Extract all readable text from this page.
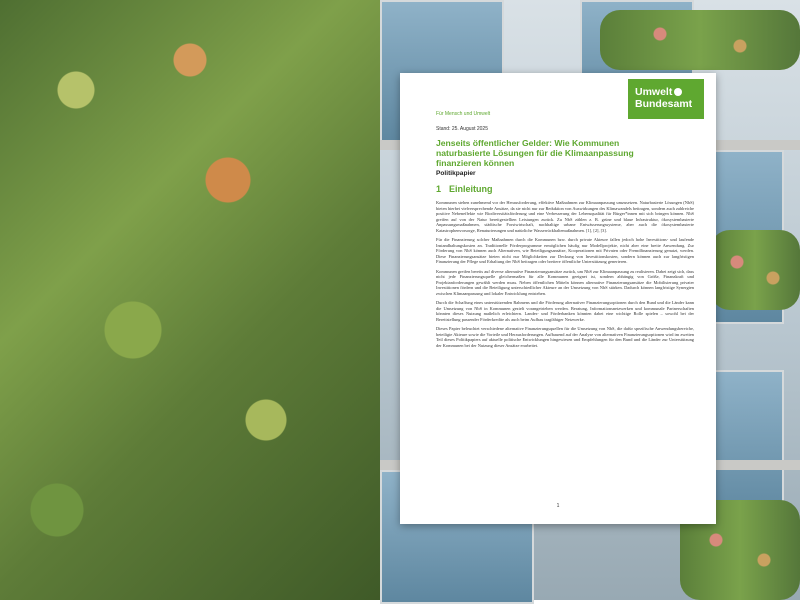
Umwelt
Bundesamt
Für Mensch und Umwelt
Stand: 25. August 2025
Jenseits öffentlicher Gelder: Wie Kommunen naturbasierte Lösungen für die Klimaanpassung finanzieren können
Politikpapier
1 Einleitung

Kommunen stehen zunehmend vor der Herausforderung, effektive Maßnahmen zur Klimaanpassung umzusetzen. Naturbasierte Lösungen (NbS) bieten hierbei vielversprechende Ansätze, da sie nicht nur zur Reduktion von Auswirkungen des Klimawandels beitragen, sondern auch zahlreiche positive Nebeneffekte wie Biodiversitätsförderung und eine Verbesserung der Lebensqualität für Bürger*innen mit sich bringen können. NbS greifen auf von der Natur bereitgestellten Leistungen zurück. Zu NbS zählen z. B. grüne und blaue Infrastruktur, ökosystembasierte Anpassungsmaßnahmen, städtische Forstwirtschaft, nachhaltige urbane Entwässerungssysteme, aber auch die ökosystembasierte Katastrophenvorsorge, Renaturierungen und natürliche Wasserrückhaltemaßnahmen. [1], [2], [3].

Für die Finanzierung solcher Maßnahmen durch die Kommunen bzw. durch private Akteure fallen jedoch hohe Investitions- und laufende Instandhaltungskosten an. Traditionelle Förderprogramme ermöglichen häufig nur Modellprojekte, nicht aber eine breite Anwendung. Zur Förderung von NbS können auch Alternativen, wie Beteiligungsansätze, Kooperationen mit Privaten oder Fremdfinanzierung genutzt, werden. Diese Finanzierungsansätze bieten nicht nur Möglichkeiten zur Deckung von Investitionskosten, sondern können auch zur langfristigen Finanzierung der Pflege und Erhaltung der NbS beitragen oder breitere öffentliche Unterstützung generieren.

Kommunen greifen bereits auf diverse alternative Finanzierungsansätze zurück, um NbS zur Klimaanpassung zu realisieren. Dabei zeigt sich, dass nicht jede Finanzierungsquelle gleichermaßen für alle Kommunen geeignet ist, sondern abhängig von Größe, Finanzkraft und Projektanforderungen gewählt werden muss. Neben öffentlichen Mitteln können alternative Finanzierungsansätze die Mobilisierung privater Investitionen fördern und die Beteiligung unterschiedlicher Akteure an der Umsetzung von NbS stärken. Dadurch können langfristige Synergien zwischen Klimaanpassung und lokaler Entwicklung entstehen.

Durch die Schaffung eines unterstützenden Rahmens und die Förderung alternativer Finanzierungsoptionen durch den Bund und die Länder kann die Umsetzung von NbS in Kommunen gezielt vorangetrieben werden. Beratung, Informationsnetzwerken und kommunale Partnerschaften könnten dieses Nutzung maßelich erleichtern. Landes- und Förderbanken könnten dabei eine wichtige Rolle spielen – sowohl bei der Bereitstellung passender Förderkredite als auch beim Aufbau tragfähiger Netzwerke.

Dieses Papier beleuchtet verschiedene alternative Finanzierungsquellen für die Umsetzung von NbS, die dafür spezifische Anwendungsbereiche, beteiligte Akteure sowie die Vorteile und Herausforderungen. Aufbauend auf der Analyse von alternativen Finanzierungsoptionen wird im zweiten Teil dieses Politikpapiers auf aktuelle politische Entwicklungen hingewiesen und Empfehlungen für den Bund und die Länder zur Unterstützung der Kommunen bei der Nutzung dieser Ansätze erarbeitet.

1
